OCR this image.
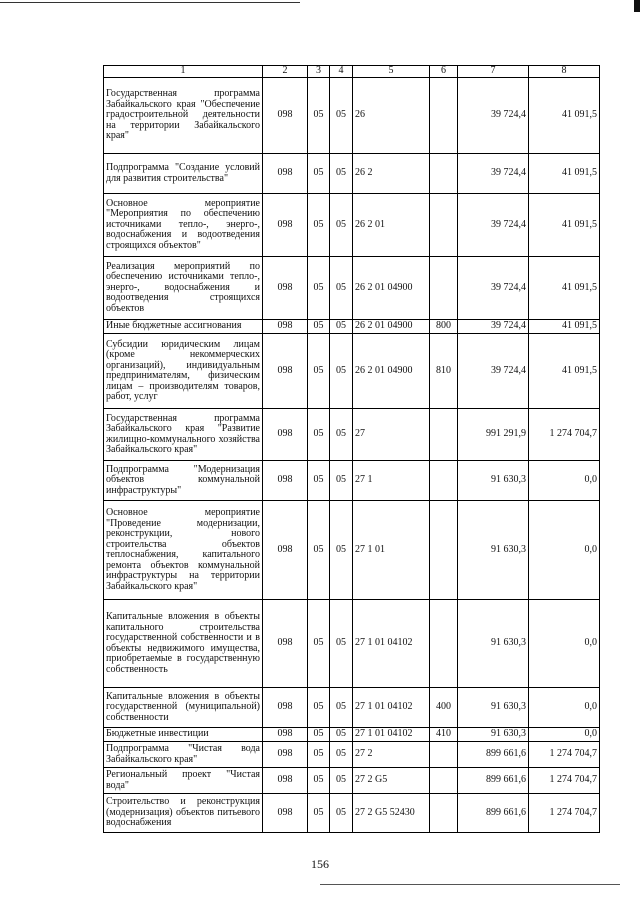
1	2	3	4	5	6	7	8
Государственная программа Забайкальского края "Обеспечение градостроительной деятельности на территории Забайкальского края"	098	05	05	26		39 724,4	41 091,5
Подпрограмма "Создание условий для развития строительства"	098	05	05	26 2		39 724,4	41 091,5
Основное мероприятие "Мероприятия по обеспечению источниками тепло-, энерго-, водоснабжения и водоотведения строящихся объектов"	098	05	05	26 2 01		39 724,4	41 091,5
Реализация мероприятий по обеспечению источниками тепло-, энерго-, водоснабжения и водоотведения строящихся объектов	098	05	05	26 2 01 04900		39 724,4	41 091,5
Иные бюджетные ассигнования	098	05	05	26 2 01 04900	800	39 724,4	41 091,5
Субсидии юридическим лицам (кроме некоммерческих организаций), индивидуальным предпринимателям, физическим лицам – производителям товаров, работ, услуг	098	05	05	26 2 01 04900	810	39 724,4	41 091,5
Государственная программа Забайкальского края "Развитие жилищно-коммунального хозяйства Забайкальского края"	098	05	05	27		991 291,9	1 274 704,7
Подпрограмма "Модернизация объектов коммунальной инфраструктуры"	098	05	05	27 1		91 630,3	0,0
Основное мероприятие "Проведение модернизации, реконструкции, нового строительства объектов теплоснабжения, капитального ремонта объектов коммунальной инфраструктуры на территории Забайкальского края"	098	05	05	27 1 01		91 630,3	0,0
Капитальные вложения в объекты капитального строительства государственной собственности и в объекты недвижимого имущества, приобретаемые в государственную собственность	098	05	05	27 1 01 04102		91 630,3	0,0
Капитальные вложения в объекты государственной (муниципальной) собственности	098	05	05	27 1 01 04102	400	91 630,3	0,0
Бюджетные инвестиции	098	05	05	27 1 01 04102	410	91 630,3	0,0
Подпрограмма "Чистая вода Забайкальского края"	098	05	05	27 2		899 661,6	1 274 704,7
Региональный проект "Чистая вода"	098	05	05	27 2 G5		899 661,6	1 274 704,7
Строительство и реконструкция (модернизация) объектов питьевого водоснабжения	098	05	05	27 2 G5 52430		899 661,6	1 274 704,7
156
